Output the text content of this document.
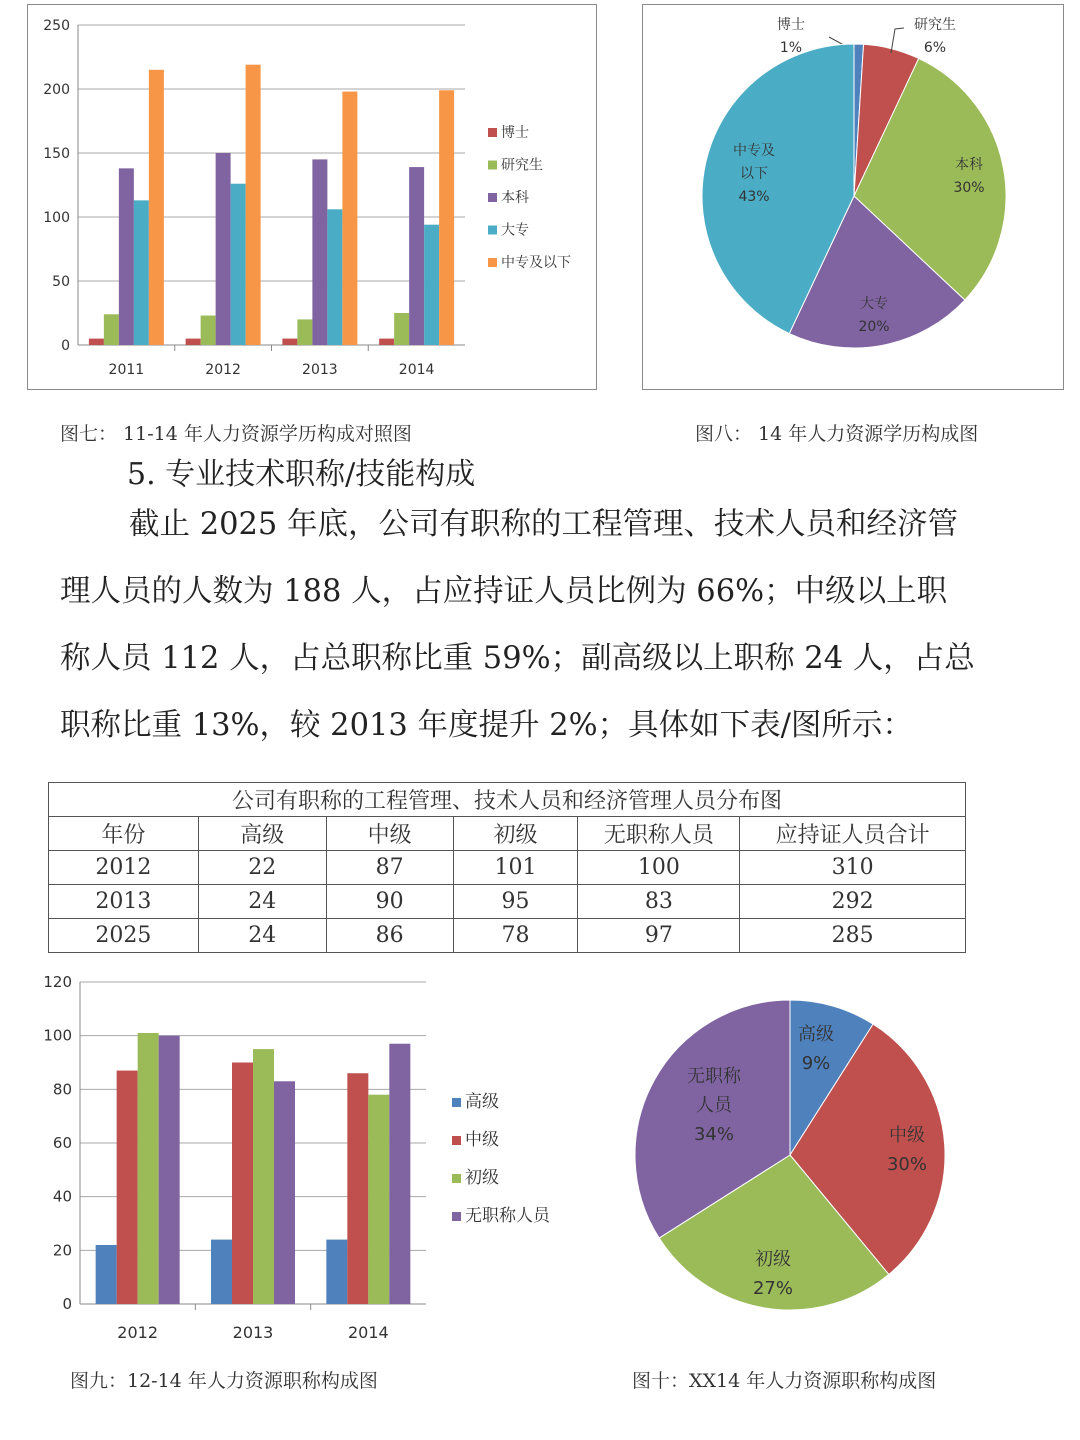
0
50
100
150
200
250
2011	2012	2013	2014
博士
研究生
本科
大专
中专及以下
博士
1%
研究生
6%
本科
30%
大专
20%
中专及
以下
43%
图七： 11-14 年人力资源学历构成对照图	图八： 14 年人力资源学历构成图
5. 专业技术职称/技能构成
截止 2025 年底，公司有职称的工程管理、技术人员和经济管
理人员的人数为 188 人，占应持证人员比例为 66%；中级以上职
称人员 112 人，占总职称比重 59%；副高级以上职称 24 人，占总
职称比重 13%，较 2013 年度提升 2%；具体如下表/图所示：
公司有职称的工程管理、技术人员和经济管理人员分布图					
年份	高级	中级	初级	无职称人员	应持证人员合计
2012	22	87	101	100	310
2013	24	90	95	83	292
2025	24	86	78	97	285
0
20
40
60
80
100
120
2012	2013	2014
高级
中级
初级
无职称人员
高级
9%
中级
30%
初级
27%
无职称
人员
34%
图九：12-14 年人力资源职称构成图	图十：XX14 年人力资源职称构成图
